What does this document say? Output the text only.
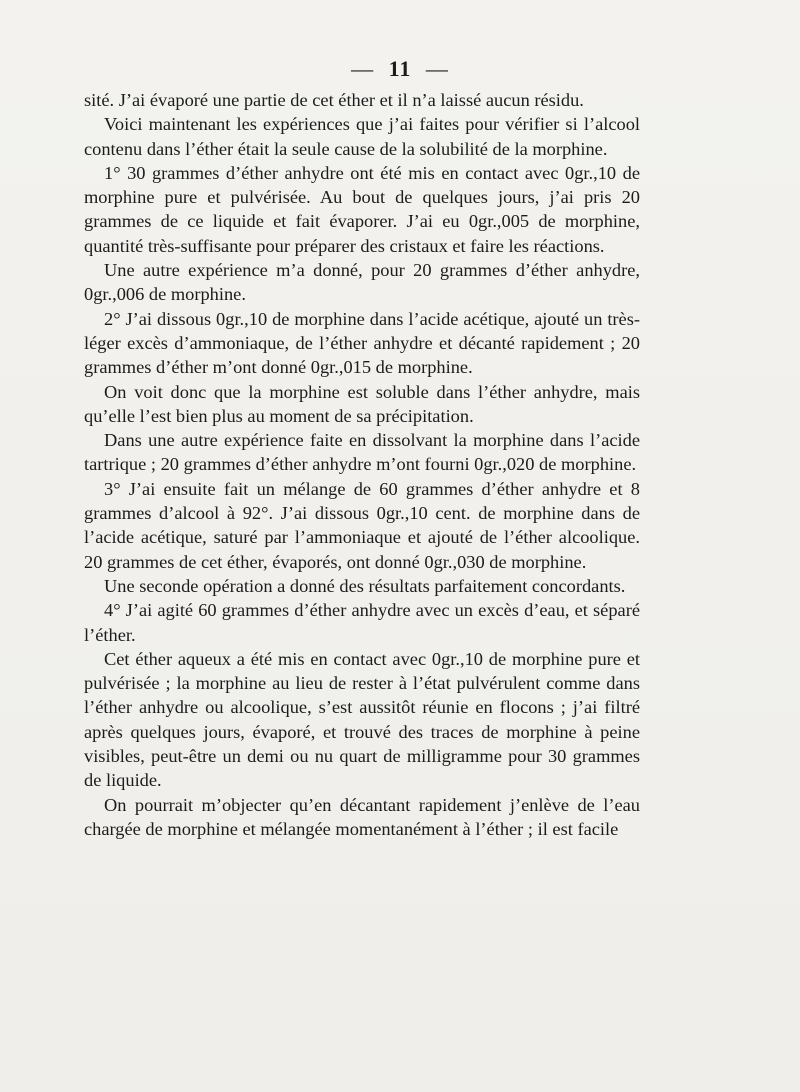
— 11 —

sité. J’ai évaporé une partie de cet éther et il n’a laissé aucun résidu.

Voici maintenant les expériences que j’ai faites pour vérifier si l’alcool contenu dans l’éther était la seule cause de la solubilité de la morphine.

1° 30 grammes d’éther anhydre ont été mis en contact avec 0gr.,10 de morphine pure et pulvérisée. Au bout de quelques jours, j’ai pris 20 grammes de ce liquide et fait évaporer. J’ai eu 0gr.,005 de morphine, quantité très-suffisante pour préparer des cristaux et faire les réactions.

Une autre expérience m’a donné, pour 20 grammes d’éther anhydre, 0gr.,006 de morphine.

2° J’ai dissous 0gr.,10 de morphine dans l’acide acétique, ajouté un très-léger excès d’ammoniaque, de l’éther anhydre et décanté rapidement ; 20 grammes d’éther m’ont donné 0gr.,015 de morphine.

On voit donc que la morphine est soluble dans l’éther anhydre, mais qu’elle l’est bien plus au moment de sa précipitation.

Dans une autre expérience faite en dissolvant la morphine dans l’acide tartrique ; 20 grammes d’éther anhydre m’ont fourni 0gr.,020 de morphine.

3° J’ai ensuite fait un mélange de 60 grammes d’éther anhydre et 8 grammes d’alcool à 92°. J’ai dissous 0gr.,10 cent. de morphine dans de l’acide acétique, saturé par l’ammoniaque et ajouté de l’éther alcoolique. 20 grammes de cet éther, évaporés, ont donné 0gr.,030 de morphine.

Une seconde opération a donné des résultats parfaitement concordants.

4° J’ai agité 60 grammes d’éther anhydre avec un excès d’eau, et séparé l’éther.

Cet éther aqueux a été mis en contact avec 0gr.,10 de morphine pure et pulvérisée ; la morphine au lieu de rester à l’état pulvérulent comme dans l’éther anhydre ou alcoolique, s’est aussitôt réunie en flocons ; j’ai filtré après quelques jours, évaporé, et trouvé des traces de morphine à peine visibles, peut-être un demi ou nu quart de milligramme pour 30 grammes de liquide.

On pourrait m’objecter qu’en décantant rapidement j’enlève de l’eau chargée de morphine et mélangée momentanément à l’éther ; il est facile
